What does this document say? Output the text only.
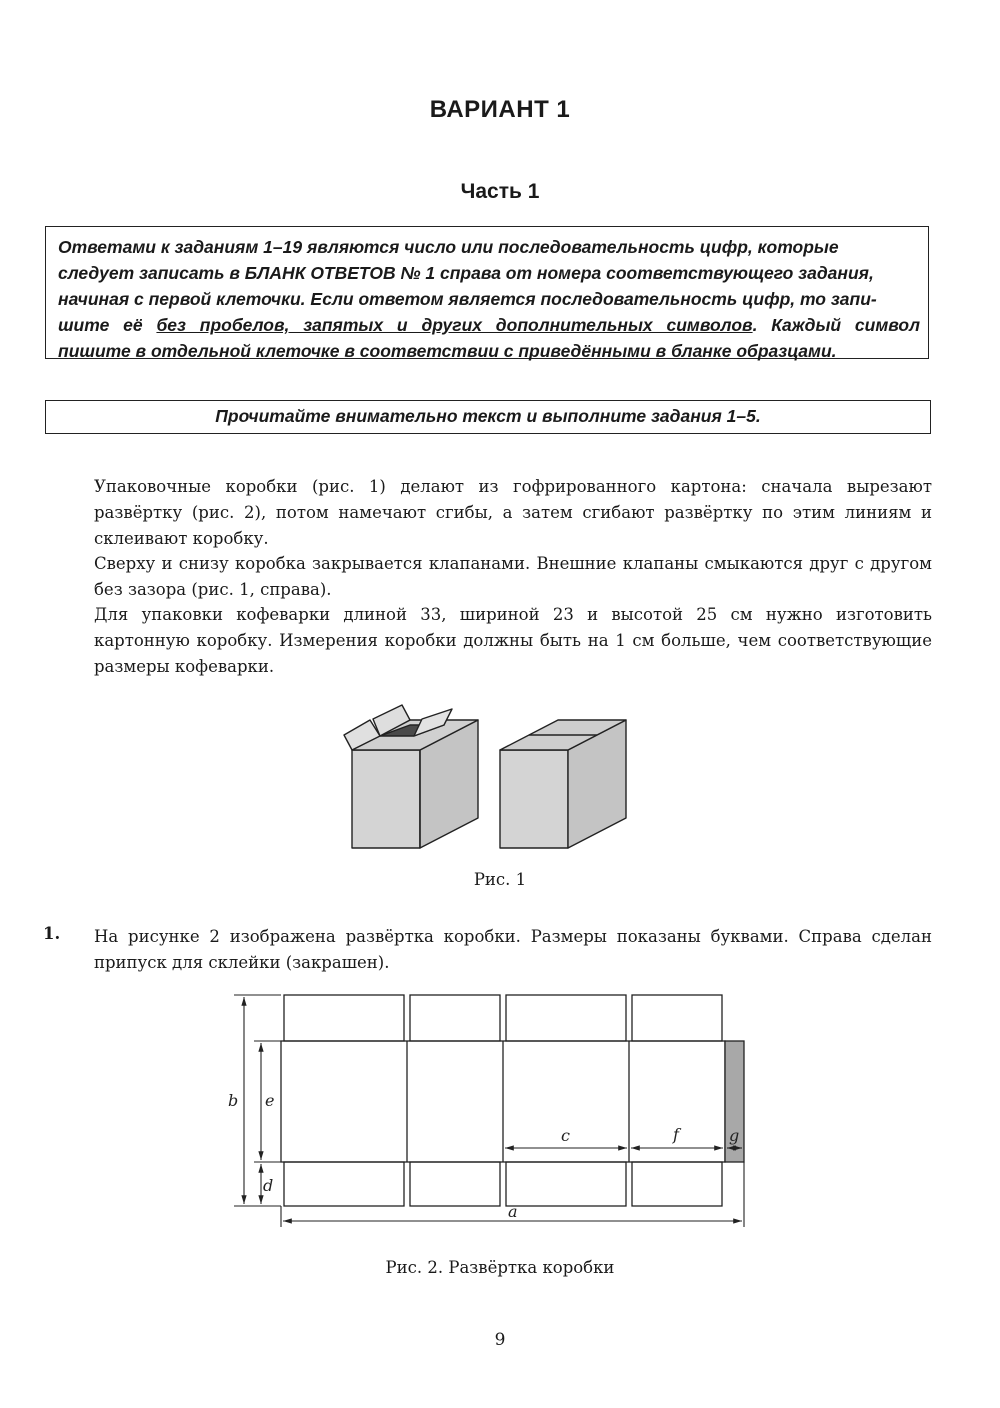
ВАРИАНТ 1
Часть 1
Ответами к заданиям 1–19 являются число или последовательность цифр, которые
следует записать в БЛАНК ОТВЕТОВ № 1 справа от номера соответствующего задания,
начиная с первой клеточки. Если ответом является последовательность цифр, то запи-
шите её без пробелов, запятых и других дополнительных символов. Каждый символ
пишите в отдельной клеточке в соответствии с приведёнными в бланке образцами.
Прочитайте внимательно текст и выполните задания 1–5.

Упаковочные коробки (рис. 1) делают из гофрированного картона: сначала вырезают развёртку (рис. 2), потом намечают сгибы, а затем сгибают развёртку по этим линиям и склеивают коробку.

Сверху и снизу коробка закрывается клапанами. Внешние клапаны смыкаются друг с другом без зазора (рис. 1, справа).

Для упаковки кофеварки длиной 33, шириной 23 и высотой 25 см нужно изготовить картонную коробку. Измерения коробки должны быть на 1 см больше, чем соответствующие размеры кофеварки.

Рис. 1
1. На рисунке 2 изображена развёртка коробки. Размеры показаны буквами. Справа сделан припуск для склейки (закрашен).

b e
d
c	f	g
a
Рис. 2. Развёртка коробки
9
